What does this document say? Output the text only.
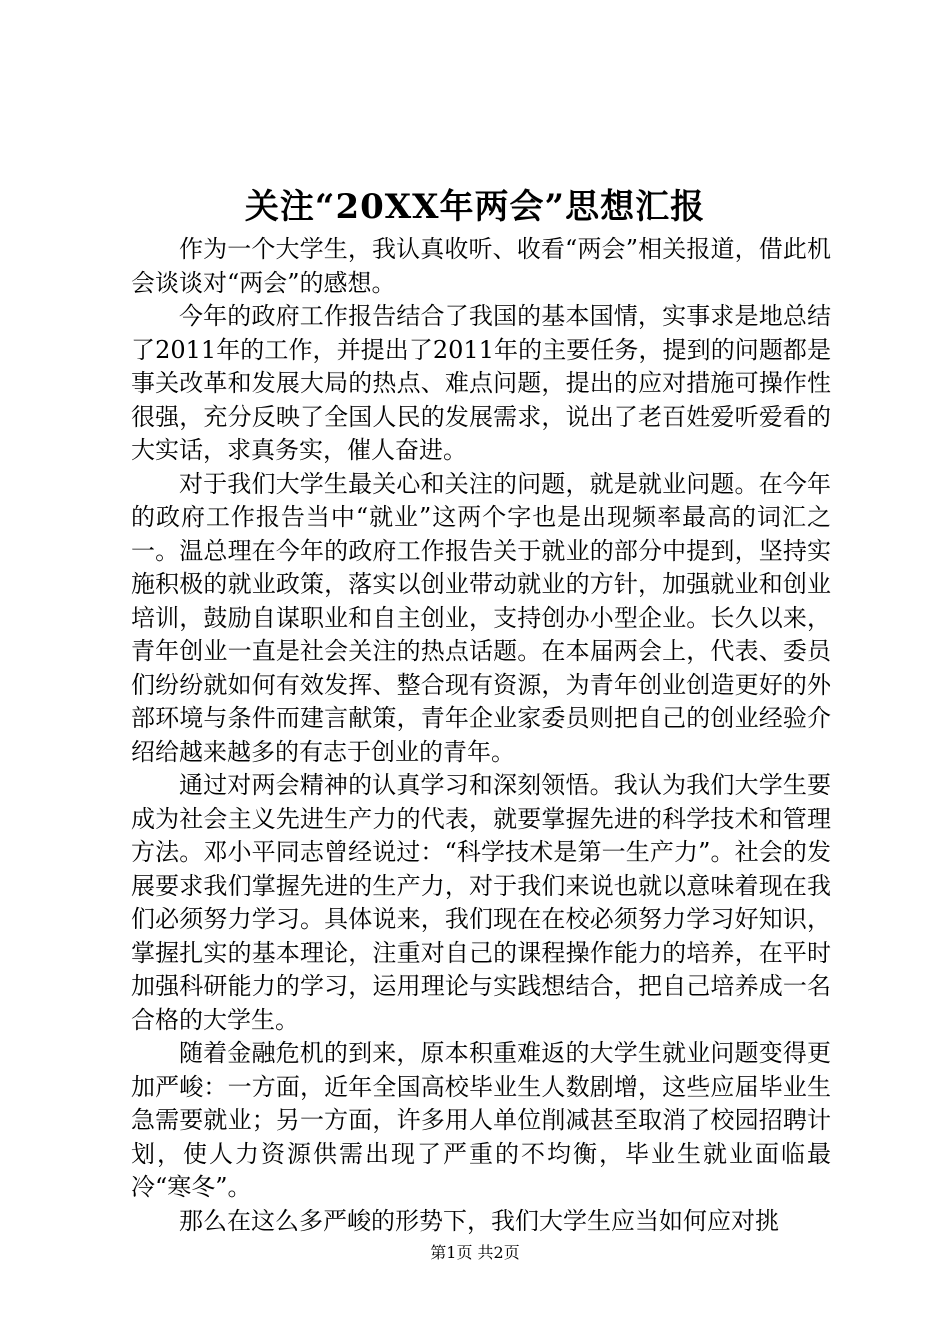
关注“20XX年两会”思想汇报

作为一个大学生，我认真收听、收看“两会”相关报道，借此机会谈谈对“两会”的感想。

今年的政府工作报告结合了我国的基本国情，实事求是地总结了2011年的工作，并提出了2011年的主要任务，提到的问题都是事关改革和发展大局的热点、难点问题，提出的应对措施可操作性很强，充分反映了全国人民的发展需求，说出了老百姓爱听爱看的大实话，求真务实，催人奋进。

对于我们大学生最关心和关注的问题，就是就业问题。在今年的政府工作报告当中“就业”这两个字也是出现频率最高的词汇之一。温总理在今年的政府工作报告关于就业的部分中提到，坚持实施积极的就业政策，落实以创业带动就业的方针，加强就业和创业培训，鼓励自谋职业和自主创业，支持创办小型企业。长久以来，青年创业一直是社会关注的热点话题。在本届两会上，代表、委员们纷纷就如何有效发挥、整合现有资源，为青年创业创造更好的外部环境与条件而建言献策，青年企业家委员则把自己的创业经验介绍给越来越多的有志于创业的青年。

通过对两会精神的认真学习和深刻领悟。我认为我们大学生要成为社会主义先进生产力的代表，就要掌握先进的科学技术和管理方法。邓小平同志曾经说过：“科学技术是第一生产力”。社会的发展要求我们掌握先进的生产力，对于我们来说也就以意味着现在我们必须努力学习。具体说来，我们现在在校必须努力学习好知识，掌握扎实的基本理论，注重对自己的课程操作能力的培养，在平时加强科研能力的学习，运用理论与实践想结合，把自己培养成一名合格的大学生。

随着金融危机的到来，原本积重难返的大学生就业问题变得更加严峻：一方面，近年全国高校毕业生人数剧增，这些应届毕业生急需要就业；另一方面，许多用人单位削减甚至取消了校园招聘计划，使人力资源供需出现了严重的不均衡，毕业生就业面临最冷“寒冬”。

那么在这么多严峻的形势下，我们大学生应当如何应对挑

第1页 共2页
